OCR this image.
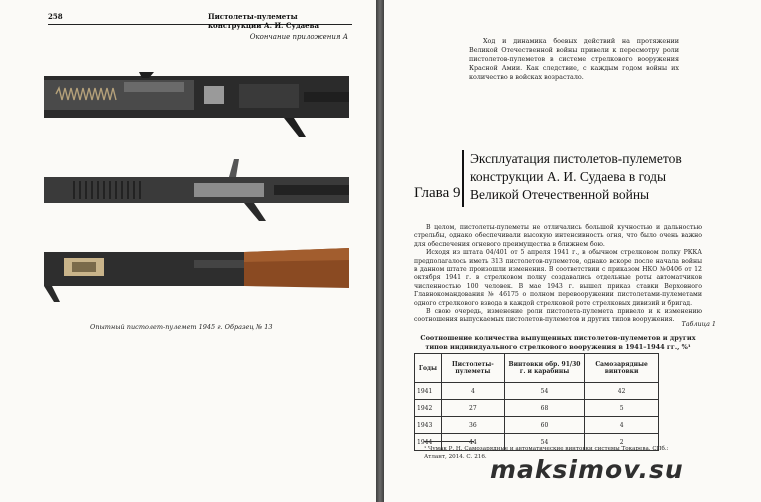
258	Пистолеты-пулеметы конструкции А. И. Судаева
Окончание приложения А
Опытный пистолет-пулемет 1945 г. Образец № 13
Ход и динамика боевых действий на протяжении Великой Отечественной войны привели к пересмотру роли пистолетов-пулеметов в системе стрелкового вооружения Красной Амии. Как следствие, с каждым годом войны их количество в войсках возрастало.
Глава 9
Эксплуатация пистолетов-пулеметов конструкции А. И. Судаева в годы Великой Отечественной войны

В целом, пистолеты-пулеметы не отличались большой кучностью и дальностью стрельбы, однако обеспечивали высокую интенсивность огня, что было очень важно для обеспечения огневого преимущества в ближнем бою.

Исходя из штата 04/401 от 5 апреля 1941 г., в обычном стрелковом полку РККА предполагалось иметь 313 пистолетов-пулеметов, однако вскоре после начала войны в данном штате произошли изменения. В соответствии с приказом НКО №0406 от 12 октября 1941 г. в стрелковом полку создавались отдельные роты автоматчиков численностью 100 человек. В мае 1943 г. вышел приказ ставки Верховного Главнокомандования № 46175 о полном перевооружении пистолетами-пулеметами одного стрелкового взвода в каждой стрелковой роте стрелковых дивизий и бригад.

В свою очередь, изменение роли пистолета-пулемета привело и к изменению соотношения выпускаемых пистолетов-пулеметов и других типов вооружения.

Таблица 1
Соотношение количества выпущенных пистолетов-пулеметов и других типов индивидуального стрелкового вооружения в 1941–1944 гг., %¹
Годы	Пистолеты-пулеметы	Винтовки обр. 91/30 г. и карабины	Самозарядные винтовки
1941	4	54	42
1942	27	68	5
1943	36	60	4
1944	44	54	2
¹ Чумак Р. Н. Самозарядные и автоматические винтовки системы Токарева. СПб.: Атлант, 2014. С. 216. maksimov.su
